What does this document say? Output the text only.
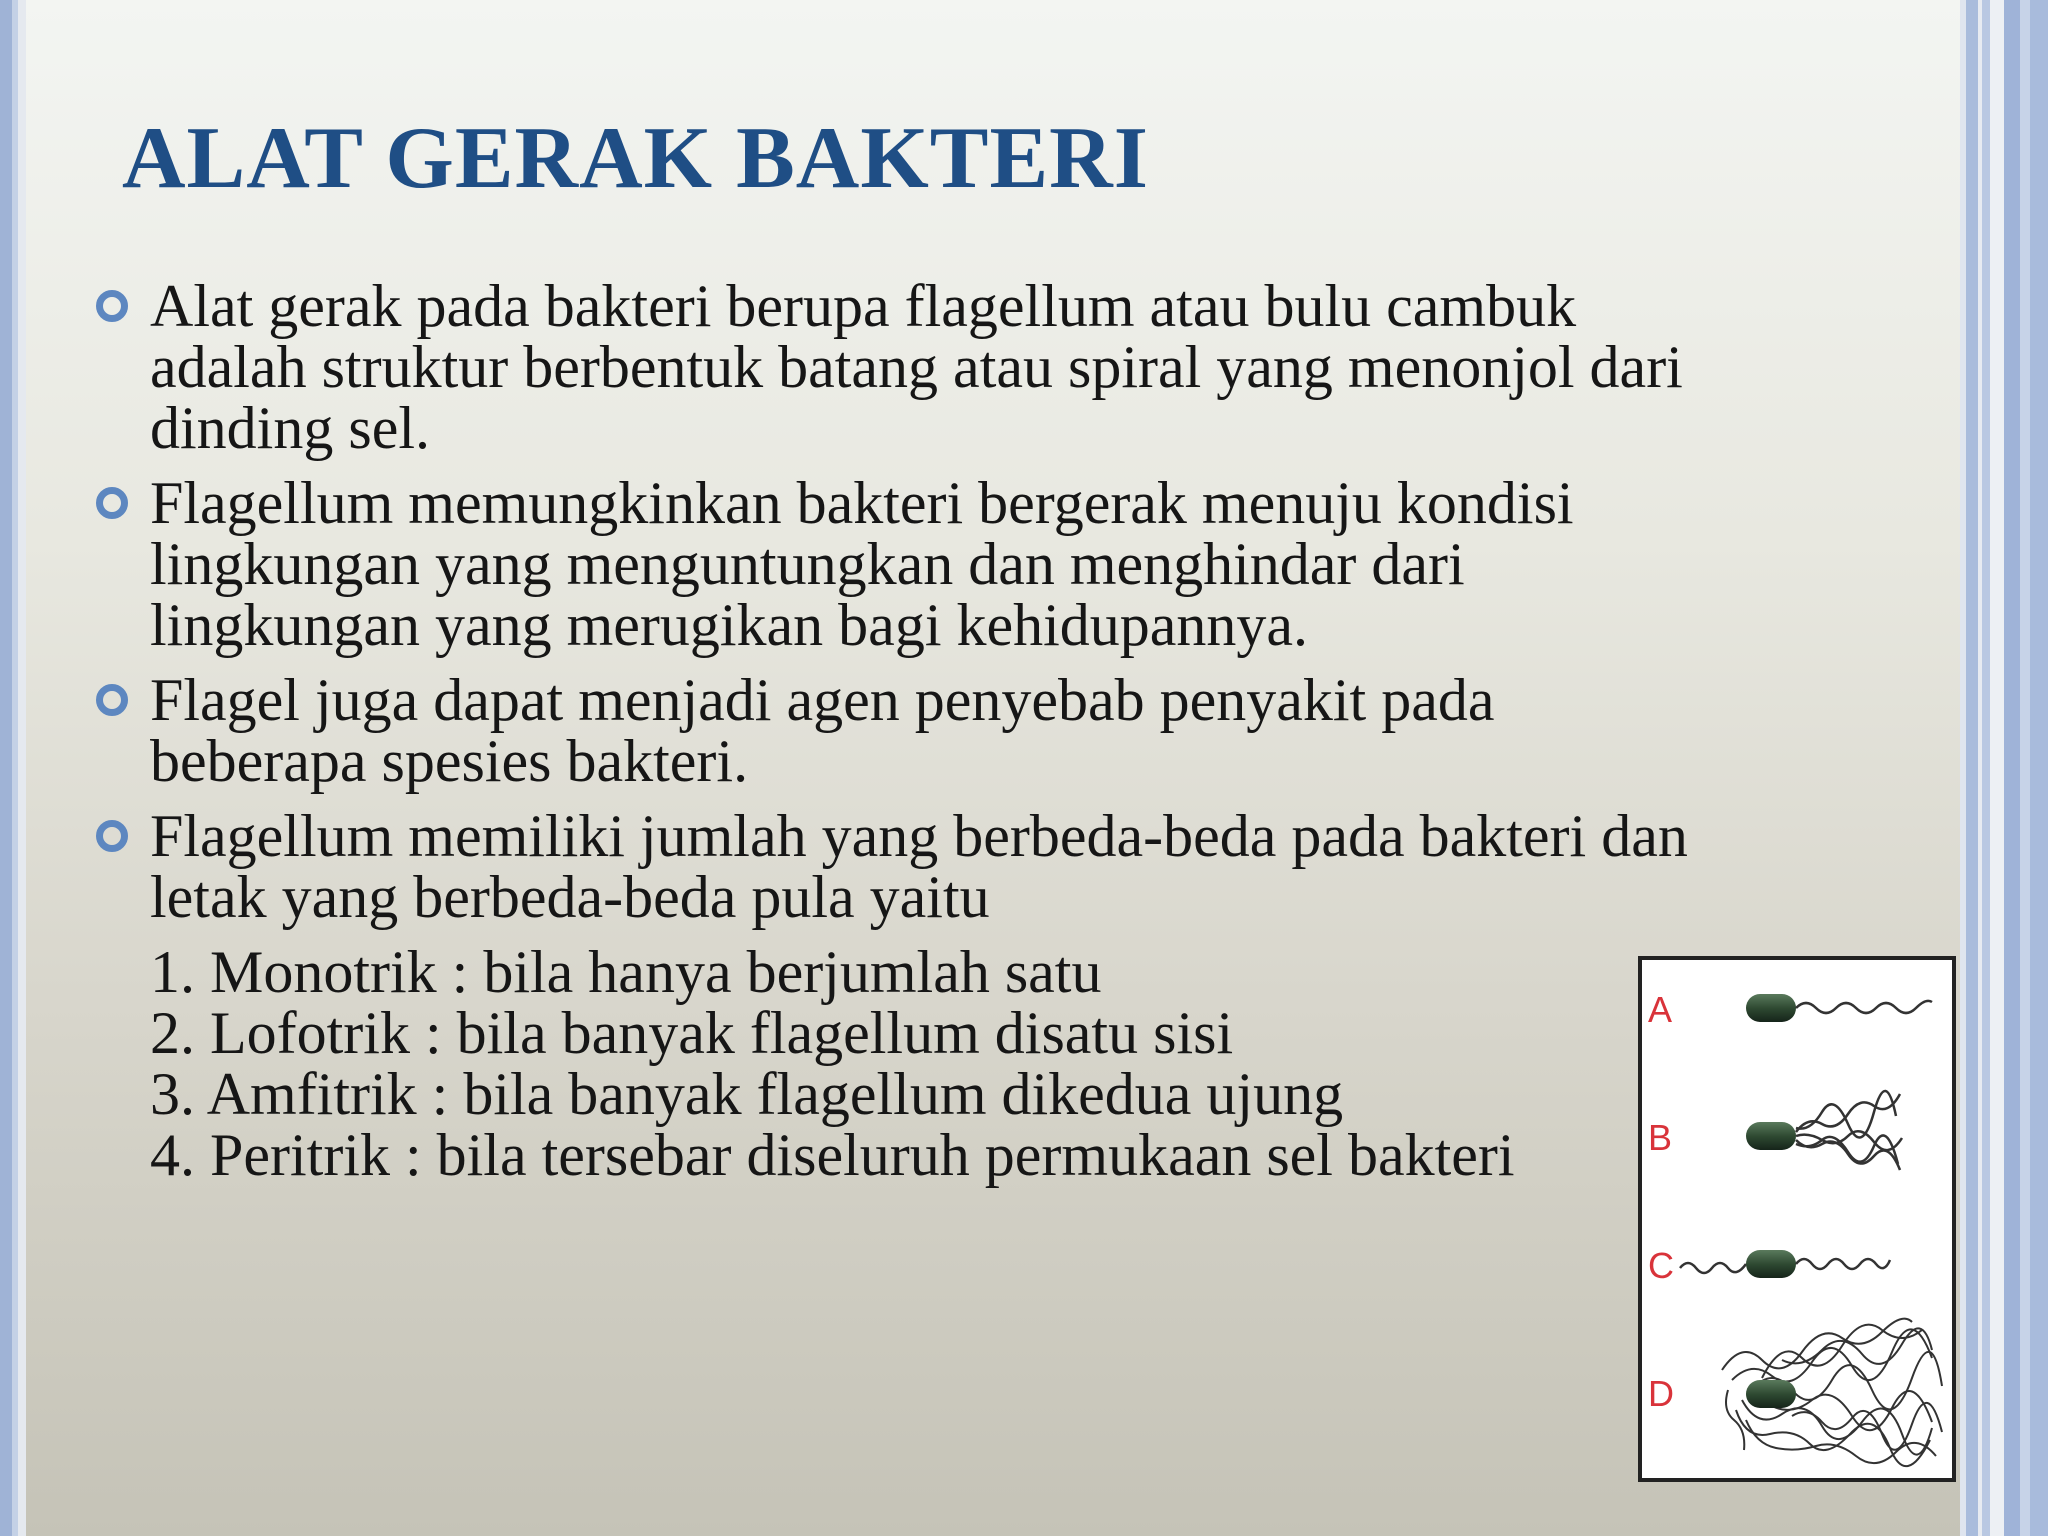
ALAT GERAK BAKTERI
Alat gerak pada bakteri berupa flagellum atau bulu cambuk adalah struktur berbentuk batang atau spiral yang menonjol dari dinding sel.
Flagellum memungkinkan bakteri bergerak menuju kondisi lingkungan yang menguntungkan dan menghindar dari lingkungan yang merugikan bagi kehidupannya.
Flagel juga dapat menjadi agen penyebab penyakit pada beberapa spesies bakteri.
Flagellum memiliki jumlah yang berbeda-beda pada bakteri dan letak yang berbeda-beda pula yaitu
1. Monotrik : bila hanya berjumlah satu
2. Lofotrik : bila banyak flagellum disatu sisi
3. Amfitrik : bila banyak flagellum dikedua ujung
4. Peritrik : bila tersebar diseluruh permukaan sel bakteri
A
B
C
D
